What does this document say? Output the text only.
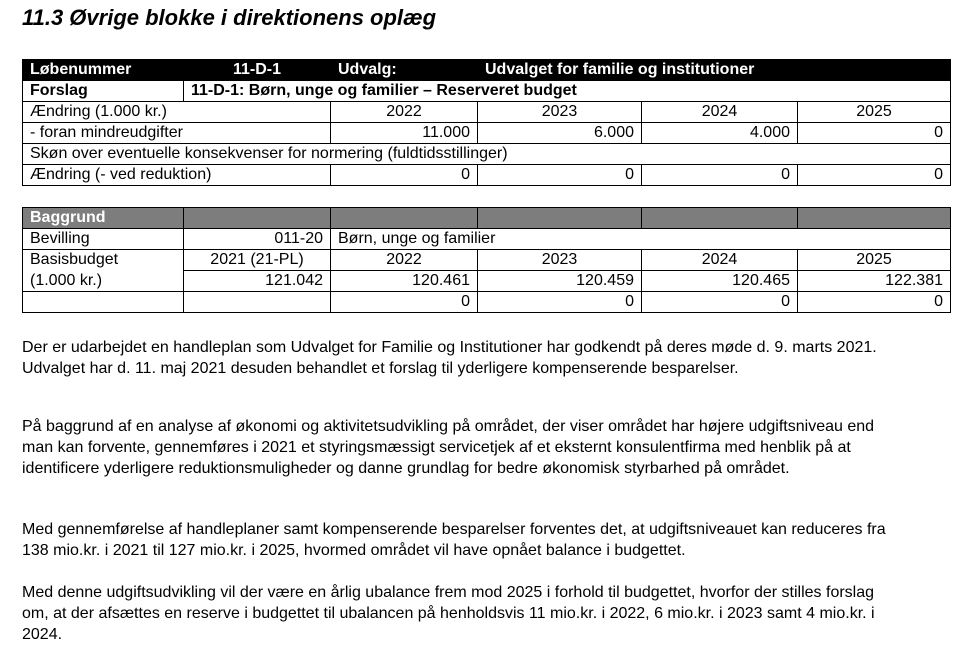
11.3 Øvrige blokke i direktionens oplæg
Løbenummer	11-D-1	Udvalg:	Udvalget for familie og institutioner		
Forslag	11-D-1: Børn, unge og familier – Reserveret budget				
Ændring (1.000 kr.)		2022	2023	2024	2025
- foran mindreudgifter		11.000	6.000	4.000	0
Skøn over eventuelle konsekvenser for normering (fuldtidsstillinger)					
Ændring (- ved reduktion)		0	0	0	0
Baggrund					
Bevilling	011-20	Børn, unge og familier			
Basisbudget	2021 (21-PL)	2022	2023	2024	2025
(1.000 kr.)	121.042	120.461	120.459	120.465	122.381
		0	0	0	0

Der er udarbejdet en handleplan som Udvalget for Familie og Institutioner har godkendt på deres møde d. 9. marts 2021. Udvalget har d. 11. maj 2021 desuden behandlet et forslag til yderligere kompenserende besparelser.

På baggrund af en analyse af økonomi og aktivitetsudvikling på området, der viser området har højere udgiftsniveau end man kan forvente, gennemføres i 2021 et styringsmæssigt servicetjek af et eksternt konsulentfirma med henblik på at identificere yderligere reduktionsmuligheder og danne grundlag for bedre økonomisk styrbarhed på området.

Med gennemførelse af handleplaner samt kompenserende besparelser forventes det, at udgiftsniveauet kan reduceres fra 138 mio.kr. i 2021 til 127 mio.kr. i 2025, hvormed området vil have opnået balance i budgettet.

Med denne udgiftsudvikling vil der være en årlig ubalance frem mod 2025 i forhold til budgettet, hvorfor der stilles forslag om, at der afsættes en reserve i budgettet til ubalancen på henholdsvis 11 mio.kr. i 2022, 6 mio.kr. i 2023 samt 4 mio.kr. i 2024.
